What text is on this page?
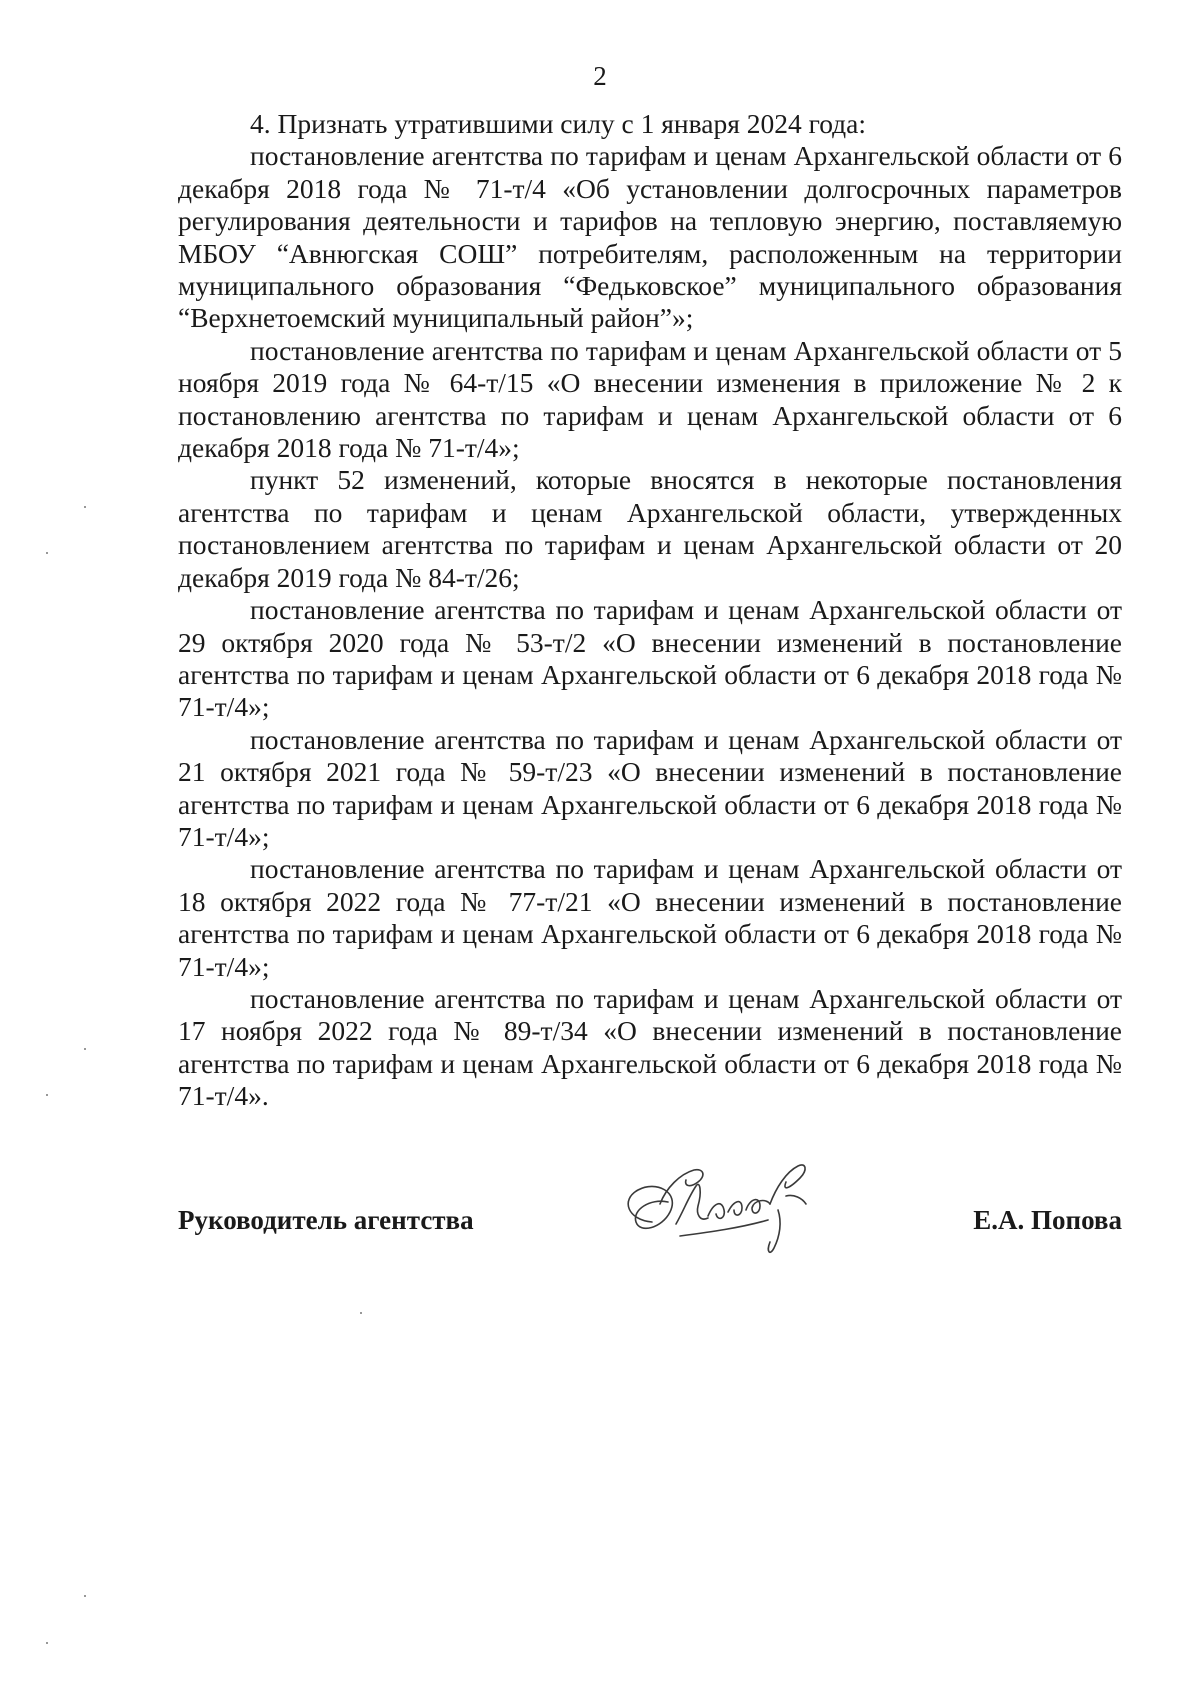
2

4. Признать утратившими силу с 1 января 2024 года:

постановление агентства по тарифам и ценам Архангельской области от 6 декабря 2018 года № 71-т/4 «Об установлении долгосрочных параметров регулирования деятельности и тарифов на тепловую энергию, поставляемую МБОУ “Авнюгская СОШ” потребителям, расположенным на территории муниципального образования “Федьковское” муниципального образования “Верхнетоемский муниципальный район”»;

постановление агентства по тарифам и ценам Архангельской области от 5 ноября 2019 года № 64-т/15 «О внесении изменения в приложение № 2 к постановлению агентства по тарифам и ценам Архангельской области от 6 декабря 2018 года № 71-т/4»;

пункт 52 изменений, которые вносятся в некоторые постановления агентства по тарифам и ценам Архангельской области, утвержденных постановлением агентства по тарифам и ценам Архангельской области от 20 декабря 2019 года № 84-т/26;

постановление агентства по тарифам и ценам Архангельской области от 29 октября 2020 года № 53-т/2 «О внесении изменений в постановление агентства по тарифам и ценам Архангельской области от 6 декабря 2018 года № 71-т/4»;

постановление агентства по тарифам и ценам Архангельской области от 21 октября 2021 года № 59-т/23 «О внесении изменений в постановление агентства по тарифам и ценам Архангельской области от 6 декабря 2018 года № 71-т/4»;

постановление агентства по тарифам и ценам Архангельской области от 18 октября 2022 года № 77-т/21 «О внесении изменений в постановление агентства по тарифам и ценам Архангельской области от 6 декабря 2018 года № 71-т/4»;

постановление агентства по тарифам и ценам Архангельской области от 17 ноября 2022 года № 89-т/34 «О внесении изменений в постановление агентства по тарифам и ценам Архангельской области от 6 декабря 2018 года № 71-т/4».

Руководитель агентства	Е.А. Попова
